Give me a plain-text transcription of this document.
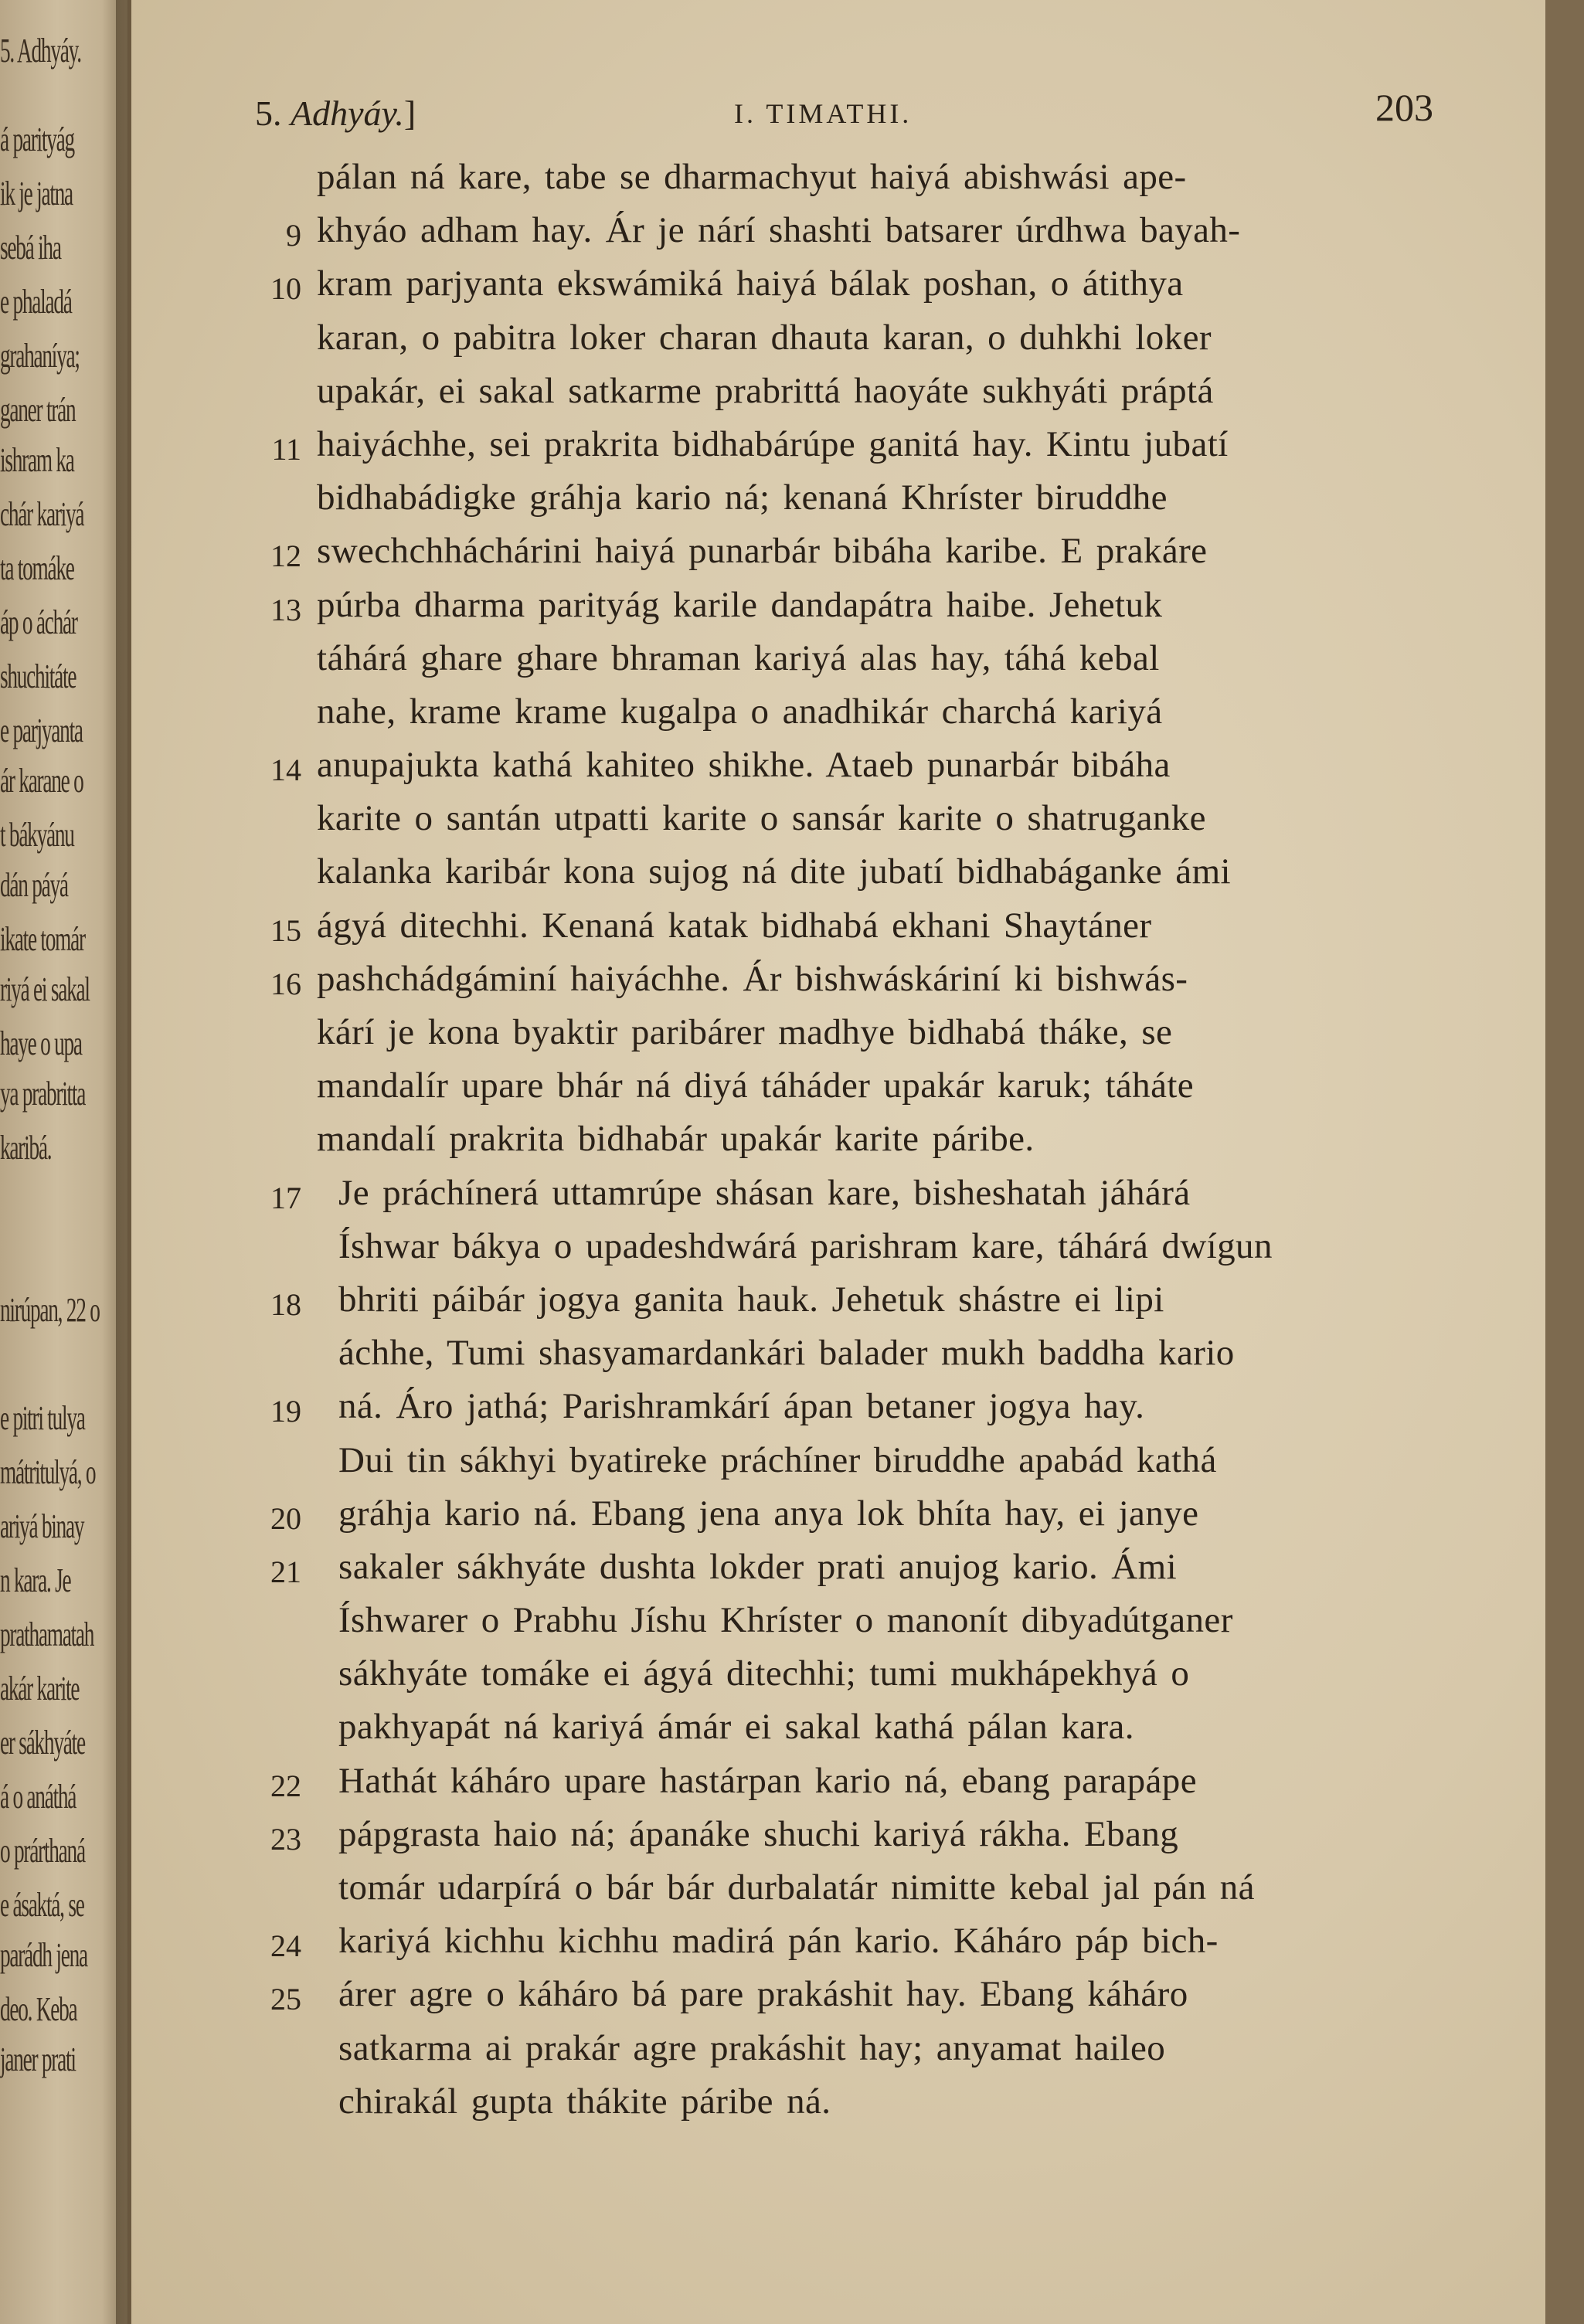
5. Adhyáy.
á parityág
ik je jatna
sebá iha
e phaladá
grahaníya;
ganer trán
ishram ka
chár kariyá
ta tomáke
áp o áchár
shuchitáte
e parjyanta
ár karane o
t bákyánu
dán páyá
ikate tomár
riyá ei sakal
haye o upa
ya prabritta
karibá.
nirúpan, 22 o
e pitri tulya
mátritulyá, o
ariyá binay
n kara. Je
prathamatah
akár karite
er sákhyáte
á o anáthá
o prárthaná
e ásaktá, se
parádh jena
deo. Keba
janer prati
5. Adhyáy.]	I. TIMATHI.	203
pálan ná kare, tabe se dharmachyut haiyá abishwási ape-
9 khyáo adham hay. Ár je nárí shashti batsarer úrdhwa bayah-
10 kram parjyanta ekswámiká haiyá bálak poshan, o átithya
karan, o pabitra loker charan dhauta karan, o duhkhi loker
upakár, ei sakal satkarme prabrittá haoyáte sukhyáti práptá
11 haiyáchhe, sei prakrita bidhabárúpe ganitá hay. Kintu jubatí
bidhabádigke gráhja kario ná; kenaná Khríster biruddhe
12 swechchháchárini haiyá punarbár bibáha karibe. E prakáre
13 púrba dharma parityág karile dandapátra haibe. Jehetuk
táhárá ghare ghare bhraman kariyá alas hay, táhá kebal
nahe, krame krame kugalpa o anadhikár charchá kariyá
14 anupajukta kathá kahiteo shikhe. Ataeb punarbár bibáha
karite o santán utpatti karite o sansár karite o shatruganke
kalanka karibár kona sujog ná dite jubatí bidhabáganke ámi
15 ágyá ditechhi. Kenaná katak bidhabá ekhani Shaytáner
16 pashchádgáminí haiyáchhe. Ár bishwáskáriní ki bishwás-
kárí je kona byaktir paribárer madhye bidhabá tháke, se
mandalír upare bhár ná diyá táháder upakár karuk; táháte
mandalí prakrita bidhabár upakár karite páribe.
17 Je práchínerá uttamrúpe shásan kare, bisheshatah jáhárá
Íshwar bákya o upadeshdwárá parishram kare, táhárá dwígun
18 bhriti páibár jogya ganita hauk. Jehetuk shástre ei lipi
áchhe, Tumi shasyamardankári balader mukh baddha kario
19 ná. Áro jathá; Parishramkárí ápan betaner jogya hay.
Dui tin sákhyi byatireke práchíner biruddhe apabád kathá
20 gráhja kario ná. Ebang jena anya lok bhíta hay, ei janye
21 sakaler sákhyáte dushta lokder prati anujog kario. Ámi
Íshwarer o Prabhu Jíshu Khríster o manonít dibyadútganer
sákhyáte tomáke ei ágyá ditechhi; tumi mukhápekhyá o
pakhyapát ná kariyá ámár ei sakal kathá pálan kara.
22 Hathát káháro upare hastárpan kario ná, ebang parapápe
23 pápgrasta haio ná; ápanáke shuchi kariyá rákha. Ebang
tomár udarpírá o bár bár durbalatár nimitte kebal jal pán ná
24 kariyá kichhu kichhu madirá pán kario. Káháro páp bich-
25 árer agre o káháro bá pare prakáshit hay. Ebang káháro
satkarma ai prakár agre prakáshit hay; anyamat haileo
chirakál gupta thákite páribe ná.
